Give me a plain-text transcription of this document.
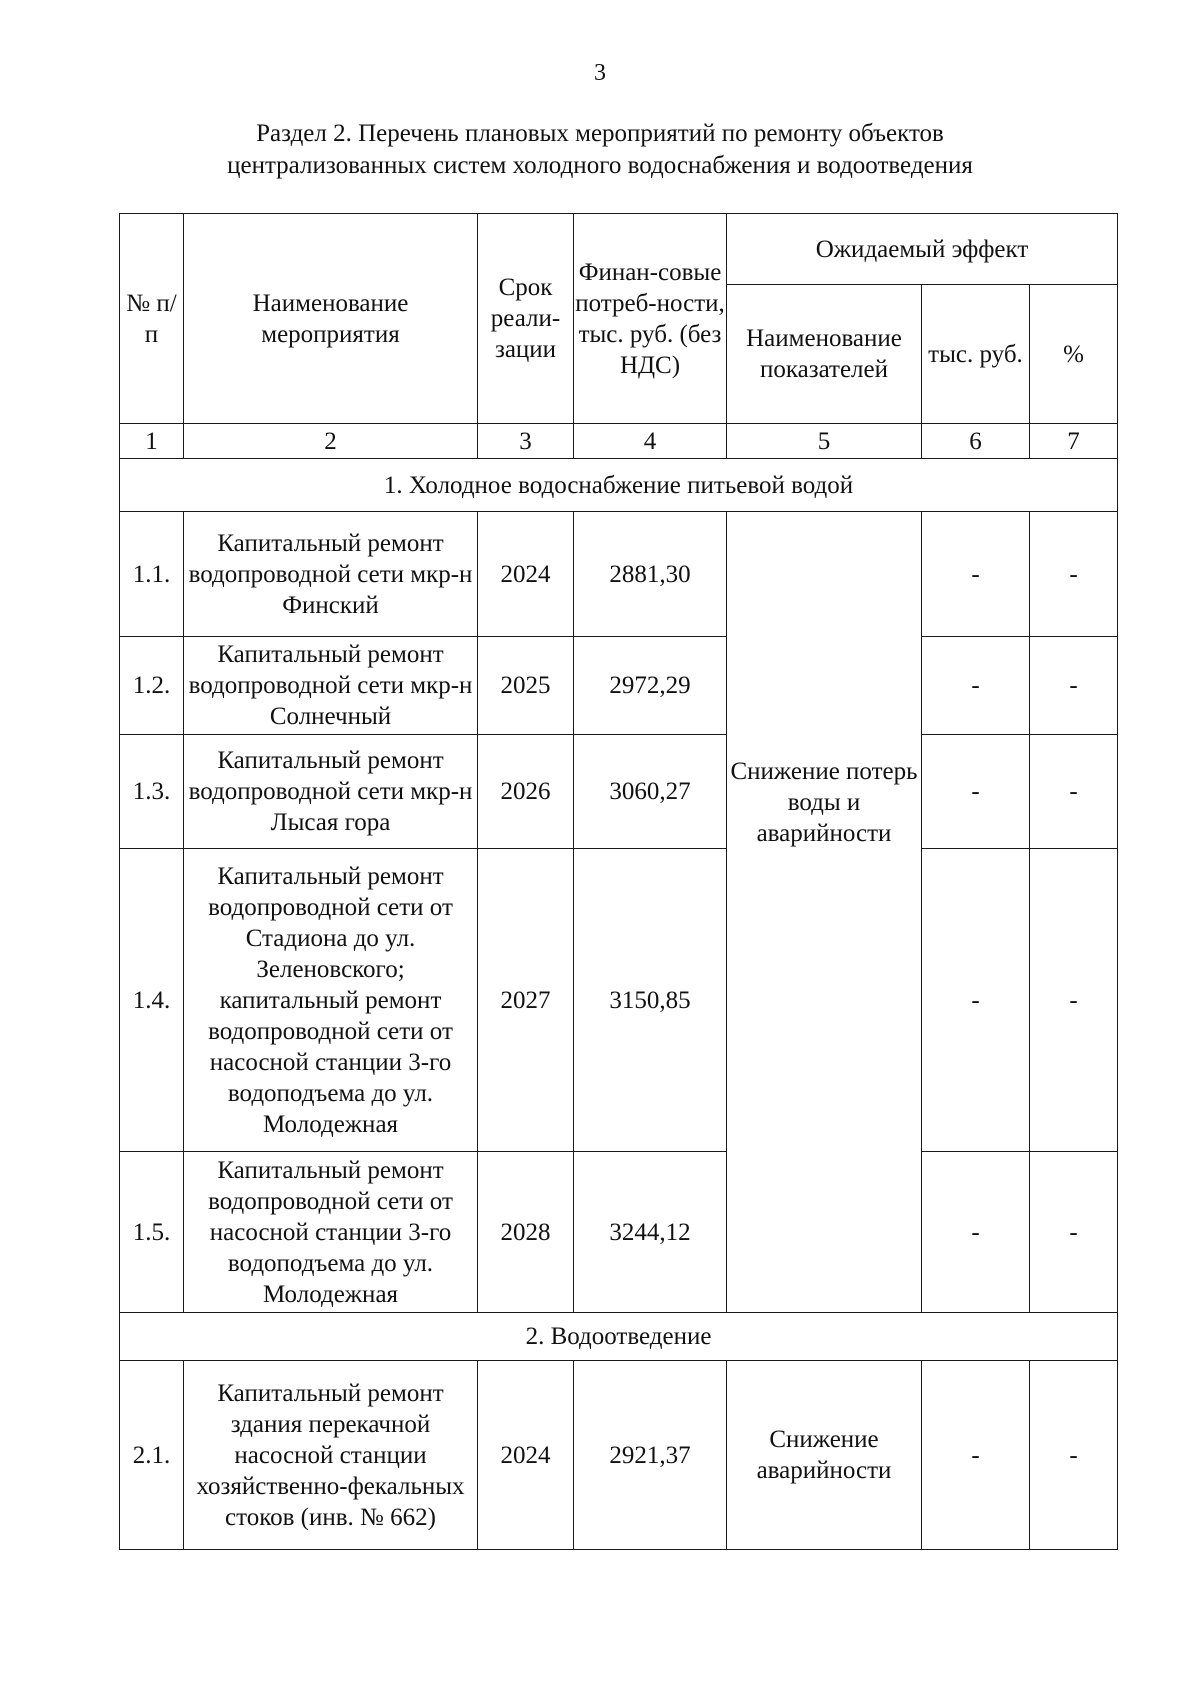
3
Раздел 2. Перечень плановых мероприятий по ремонту объектов
централизованных систем холодного водоснабжения и водоотведения
№ п/п	Наименование мероприятия	Срок реали-зации	Финан-совые потреб-ности, тыс. руб. (без НДС)	Ожидаемый эффект		
				Наименование показателей	тыс. руб.	%
1	2	3	4	5	6	7
1. Холодное водоснабжение питьевой водой						
1.1.	Капитальный ремонт водопроводной сети мкр-н Финский	2024	2881,30	Снижение потерь воды и аварийности	-	-
1.2.	Капитальный ремонт водопроводной сети мкр-н Солнечный	2025	2972,29		-	-
1.3.	Капитальный ремонт водопроводной сети мкр-н Лысая гора	2026	3060,27		-	-
1.4.	Капитальный ремонт водопроводной сети от Стадиона до ул. Зеленовского; капитальный ремонт водопроводной сети от насосной станции 3-го водоподъема до ул. Молодежная	2027	3150,85		-	-
1.5.	Капитальный ремонт водопроводной сети от насосной станции 3-го водоподъема до ул. Молодежная	2028	3244,12		-	-
2. Водоотведение						
2.1.	Капитальный ремонт здания перекачной насосной станции хозяйственно-фекальных стоков (инв. № 662)	2024	2921,37	Снижение аварийности	-	-
